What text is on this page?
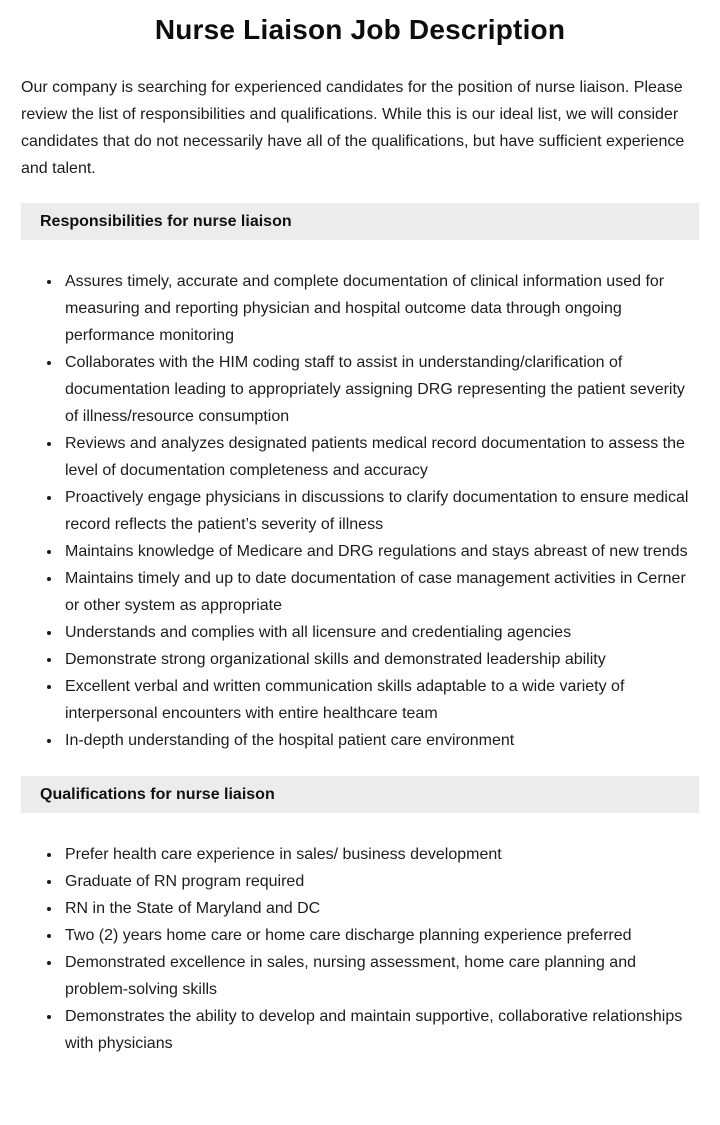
Nurse Liaison Job Description

Our company is searching for experienced candidates for the position of nurse liaison. Please review the list of responsibilities and qualifications. While this is our ideal list, we will consider candidates that do not necessarily have all of the qualifications, but have sufficient experience and talent.

Responsibilities for nurse liaison
• Assures timely, accurate and complete documentation of clinical information used for measuring and reporting physician and hospital outcome data through ongoing performance monitoring
• Collaborates with the HIM coding staff to assist in understanding/clarification of documentation leading to appropriately assigning DRG representing the patient severity of illness/resource consumption
• Reviews and analyzes designated patients medical record documentation to assess the level of documentation completeness and accuracy
• Proactively engage physicians in discussions to clarify documentation to ensure medical record reflects the patient’s severity of illness
• Maintains knowledge of Medicare and DRG regulations and stays abreast of new trends
• Maintains timely and up to date documentation of case management activities in Cerner or other system as appropriate
• Understands and complies with all licensure and credentialing agencies
• Demonstrate strong organizational skills and demonstrated leadership ability
• Excellent verbal and written communication skills adaptable to a wide variety of interpersonal encounters with entire healthcare team
• In-depth understanding of the hospital patient care environment
Qualifications for nurse liaison
• Prefer health care experience in sales/ business development
• Graduate of RN program required
• RN in the State of Maryland and DC
• Two (2) years home care or home care discharge planning experience preferred
• Demonstrated excellence in sales, nursing assessment, home care planning and problem-solving skills
• Demonstrates the ability to develop and maintain supportive, collaborative relationships with physicians
